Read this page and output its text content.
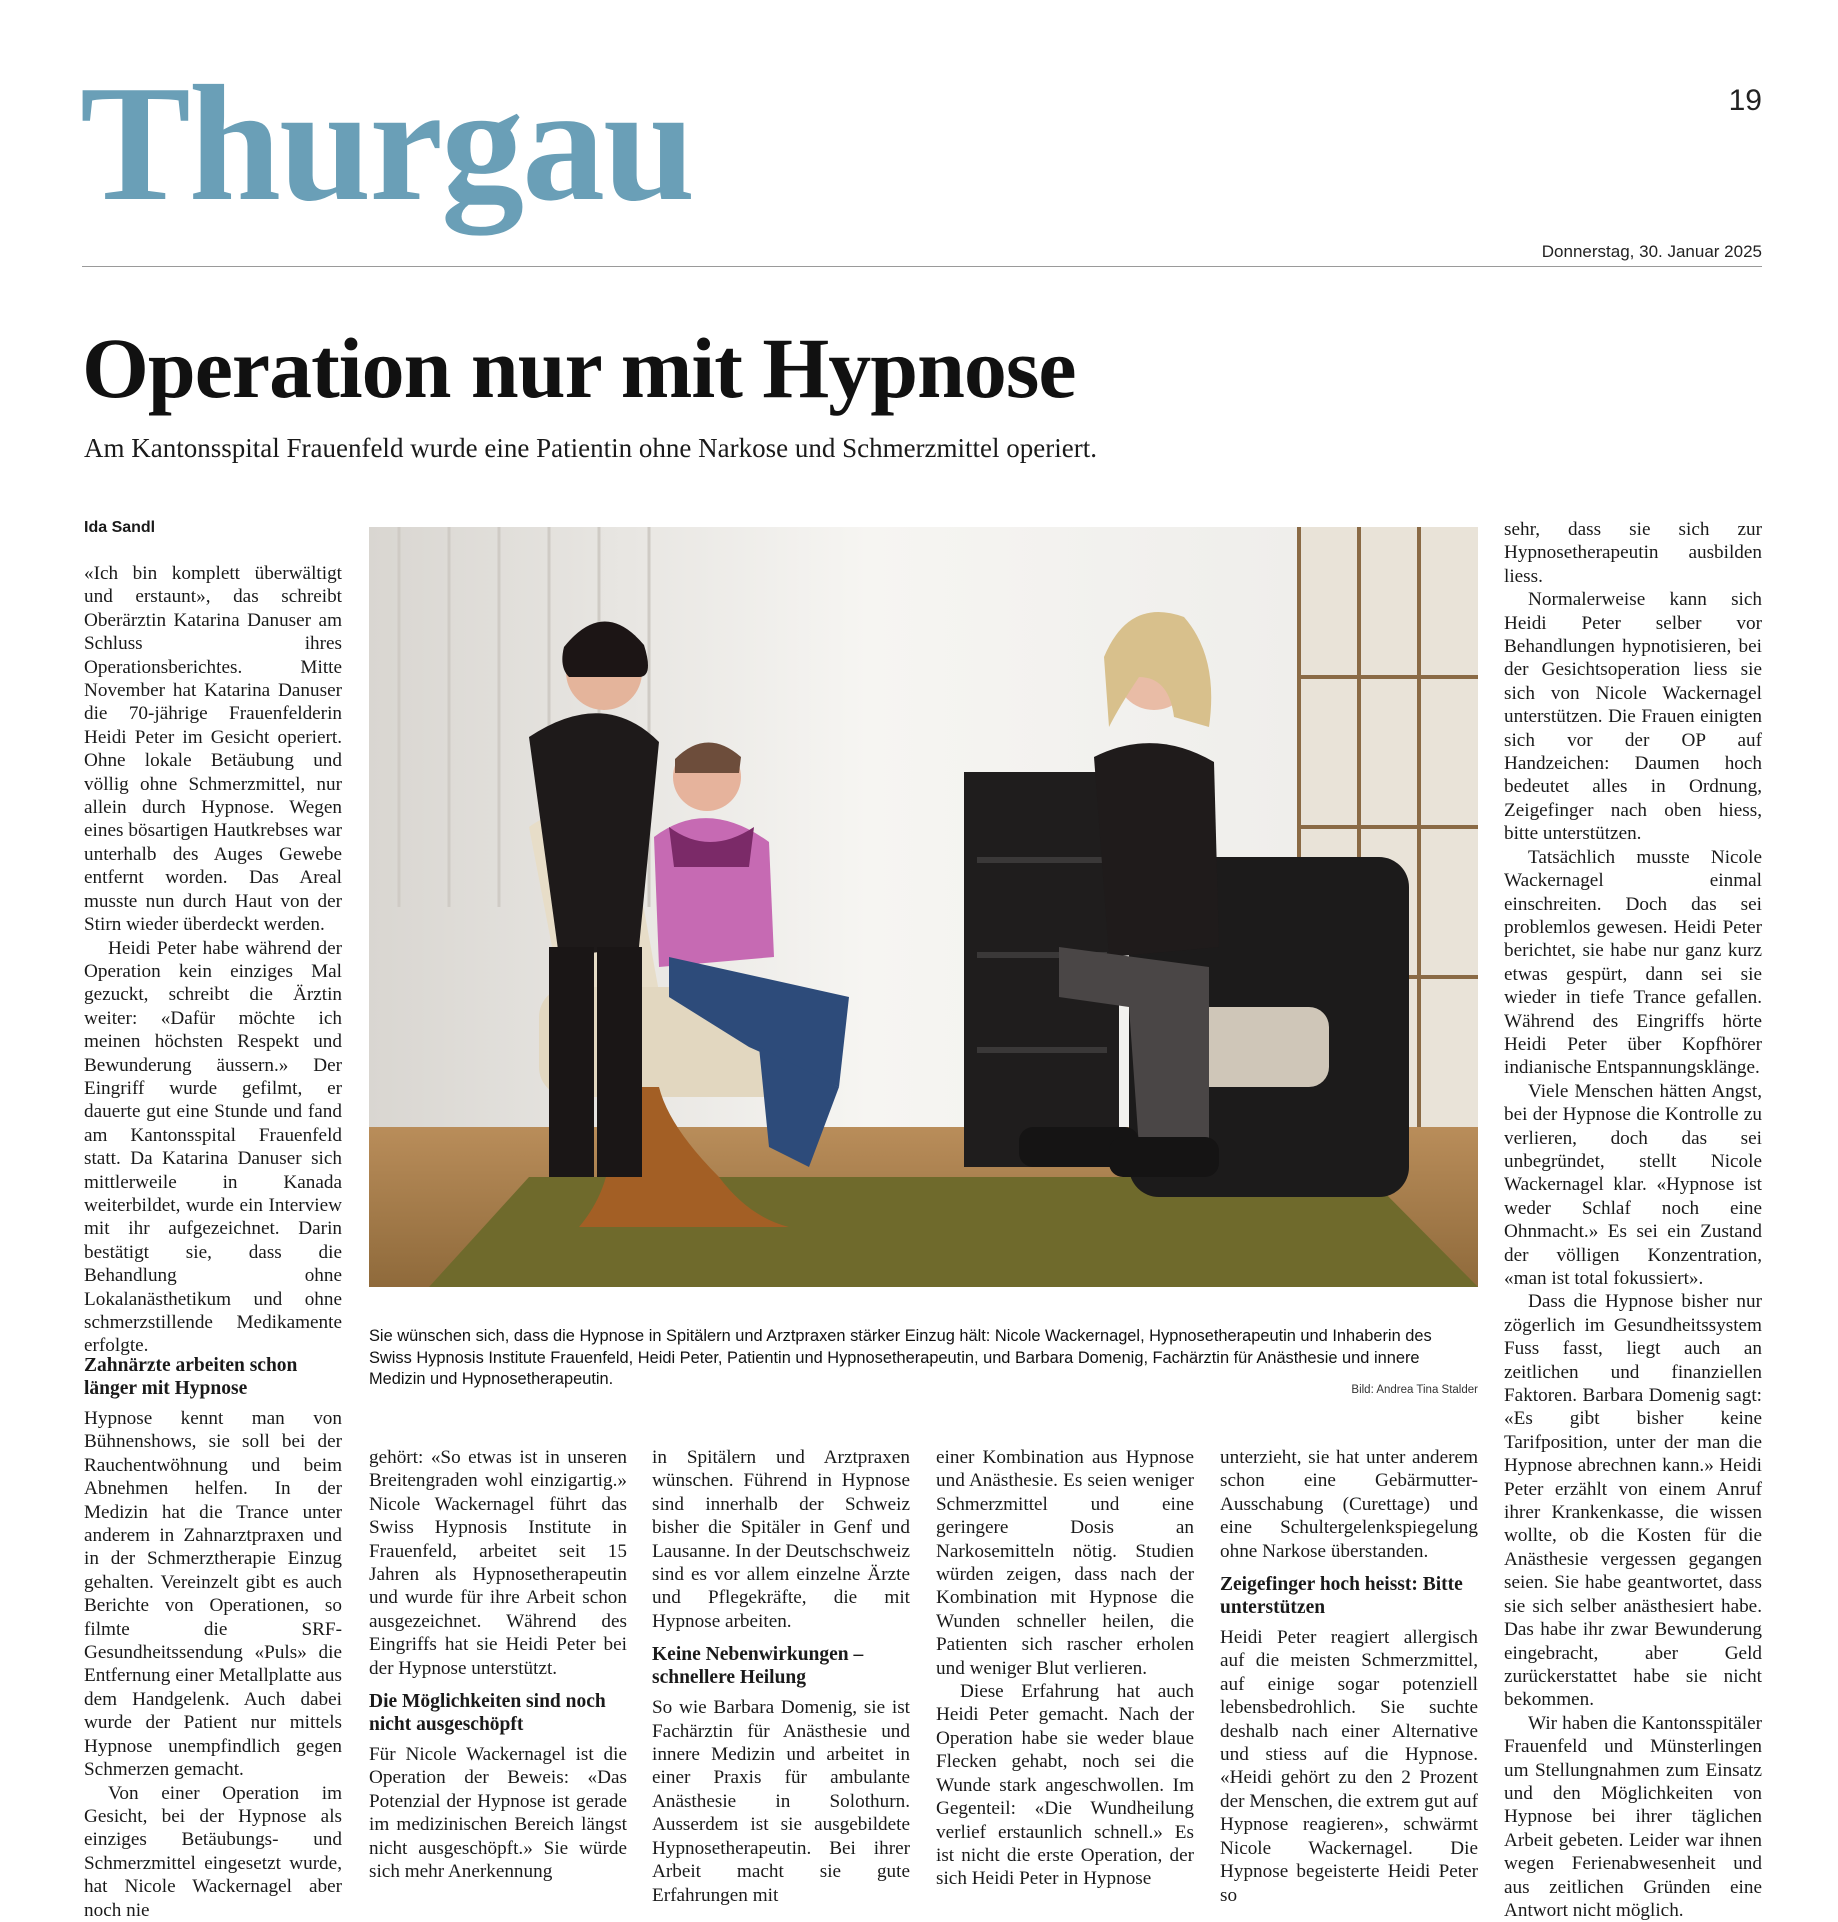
Thurgau	19
Donnerstag, 30. Januar 2025
Operation nur mit Hypnose
Am Kantonsspital Frauenfeld wurde eine Patientin ohne Narkose und Schmerzmittel operiert.
Ida Sandl

«Ich bin komplett überwältigt und erstaunt», das schreibt Oberärztin Katarina Danuser am Schluss ihres Operationsberichtes. Mitte November hat Katarina Danuser die 70-jährige Frauenfelderin Heidi Peter im Gesicht operiert. Ohne lokale Betäubung und völlig ohne Schmerzmittel, nur allein durch Hypnose. Wegen eines bösartigen Hautkrebses war unterhalb des Auges Gewebe entfernt worden. Das Areal musste nun durch Haut von der Stirn wieder überdeckt werden.

Heidi Peter habe während der Operation kein einziges Mal gezuckt, schreibt die Ärztin weiter: «Dafür möchte ich meinen höchsten Respekt und Bewunderung äussern.» Der Eingriff wurde gefilmt, er dauerte gut eine Stunde und fand am Kantonsspital Frauenfeld statt. Da Katarina Danuser sich mittlerweile in Kanada weiterbildet, wurde ein Interview mit ihr aufgezeichnet. Darin bestätigt sie, dass die Behandlung ohne Lokalanästhetikum und ohne schmerzstillende Medikamente erfolgte.

Zahnärzte arbeiten schon länger mit Hypnose

Hypnose kennt man von Bühnenshows, sie soll bei der Rauchentwöhnung und beim Abnehmen helfen. In der Medizin hat die Trance unter anderem in Zahnarztpraxen und in der Schmerztherapie Einzug gehalten. Vereinzelt gibt es auch Berichte von Operationen, so filmte die SRF-Gesundheitssendung «Puls» die Entfernung einer Metallplatte aus dem Handgelenk. Auch dabei wurde der Patient nur mittels Hypnose unempfindlich gegen Schmerzen gemacht.

Von einer Operation im Gesicht, bei der Hypnose als einziges Betäubungs- und Schmerzmittel eingesetzt wurde, hat Nicole Wackernagel aber noch nie

Sie wünschen sich, dass die Hypnose in Spitälern und Arztpraxen stärker Einzug hält: Nicole Wackernagel, Hypnosetherapeutin und Inhaberin des Swiss Hypnosis Institute Frauenfeld, Heidi Peter, Patientin und Hypnosetherapeutin, und Barbara Domenig, Fachärztin für Anästhesie und innere Medizin und Hypnosetherapeutin.
Bild: Andrea Tina Stalder

gehört: «So etwas ist in unseren Breitengraden wohl einzigartig.» Nicole Wackernagel führt das Swiss Hypnosis Institute in Frauenfeld, arbeitet seit 15 Jahren als Hypnosetherapeutin und wurde für ihre Arbeit schon ausgezeichnet. Während des Eingriffs hat sie Heidi Peter bei der Hypnose unterstützt.

Die Möglichkeiten sind noch nicht ausgeschöpft

Für Nicole Wackernagel ist die Operation der Beweis: «Das Potenzial der Hypnose ist gerade im medizinischen Bereich längst nicht ausgeschöpft.» Sie würde sich mehr Anerkennung

in Spitälern und Arztpraxen wünschen. Führend in Hypnose sind innerhalb der Schweiz bisher die Spitäler in Genf und Lausanne. In der Deutschschweiz sind es vor allem einzelne Ärzte und Pflegekräfte, die mit Hypnose arbeiten.

Keine Nebenwirkungen – schnellere Heilung

So wie Barbara Domenig, sie ist Fachärztin für Anästhesie und innere Medizin und arbeitet in einer Praxis für ambulante Anästhesie in Solothurn. Ausserdem ist sie ausgebildete Hypnosetherapeutin. Bei ihrer Arbeit macht sie gute Erfahrungen mit

einer Kombination aus Hypnose und Anästhesie. Es seien weniger Schmerzmittel und eine geringere Dosis an Narkosemitteln nötig. Studien würden zeigen, dass nach der Kombination mit Hypnose die Wunden schneller heilen, die Patienten sich rascher erholen und weniger Blut verlieren.

Diese Erfahrung hat auch Heidi Peter gemacht. Nach der Operation habe sie weder blaue Flecken gehabt, noch sei die Wunde stark angeschwollen. Im Gegenteil: «Die Wundheilung verlief erstaunlich schnell.» Es ist nicht die erste Operation, der sich Heidi Peter in Hypnose

unterzieht, sie hat unter anderem schon eine Gebärmutter-Ausschabung (Curettage) und eine Schultergelenkspiegelung ohne Narkose überstanden.

Zeigefinger hoch heisst: Bitte unterstützen

Heidi Peter reagiert allergisch auf die meisten Schmerzmittel, auf einige sogar potenziell lebensbedrohlich. Sie suchte deshalb nach einer Alternative und stiess auf die Hypnose. «Heidi gehört zu den 2 Prozent der Menschen, die extrem gut auf Hypnose reagieren», schwärmt Nicole Wackernagel. Die Hypnose begeisterte Heidi Peter so

sehr, dass sie sich zur Hypnosetherapeutin ausbilden liess.

Normalerweise kann sich Heidi Peter selber vor Behandlungen hypnotisieren, bei der Gesichtsoperation liess sie sich von Nicole Wackernagel unterstützen. Die Frauen einigten sich vor der OP auf Handzeichen: Daumen hoch bedeutet alles in Ordnung, Zeigefinger nach oben hiess, bitte unterstützen.

Tatsächlich musste Nicole Wackernagel einmal einschreiten. Doch das sei problemlos gewesen. Heidi Peter berichtet, sie habe nur ganz kurz etwas gespürt, dann sei sie wieder in tiefe Trance gefallen. Während des Eingriffs hörte Heidi Peter über Kopfhörer indianische Entspannungsklänge.

Viele Menschen hätten Angst, bei der Hypnose die Kontrolle zu verlieren, doch das sei unbegründet, stellt Nicole Wackernagel klar. «Hypnose ist weder Schlaf noch eine Ohnmacht.» Es sei ein Zustand der völligen Konzentration, «man ist total fokussiert».

Dass die Hypnose bisher nur zögerlich im Gesundheitssystem Fuss fasst, liegt auch an zeitlichen und finanziellen Faktoren. Barbara Domenig sagt: «Es gibt bisher keine Tarifposition, unter der man die Hypnose abrechnen kann.» Heidi Peter erzählt von einem Anruf ihrer Krankenkasse, die wissen wollte, ob die Kosten für die Anästhesie vergessen gegangen seien. Sie habe geantwortet, dass sie sich selber anästhesiert habe. Das habe ihr zwar Bewunderung eingebracht, aber Geld zurückerstattet habe sie nicht bekommen.

Wir haben die Kantonsspitäler Frauenfeld und Münsterlingen um Stellungnahmen zum Einsatz und den Möglichkeiten von Hypnose bei ihrer täglichen Arbeit gebeten. Leider war ihnen wegen Ferienabwesenheit und aus zeitlichen Gründen eine Antwort nicht möglich.
